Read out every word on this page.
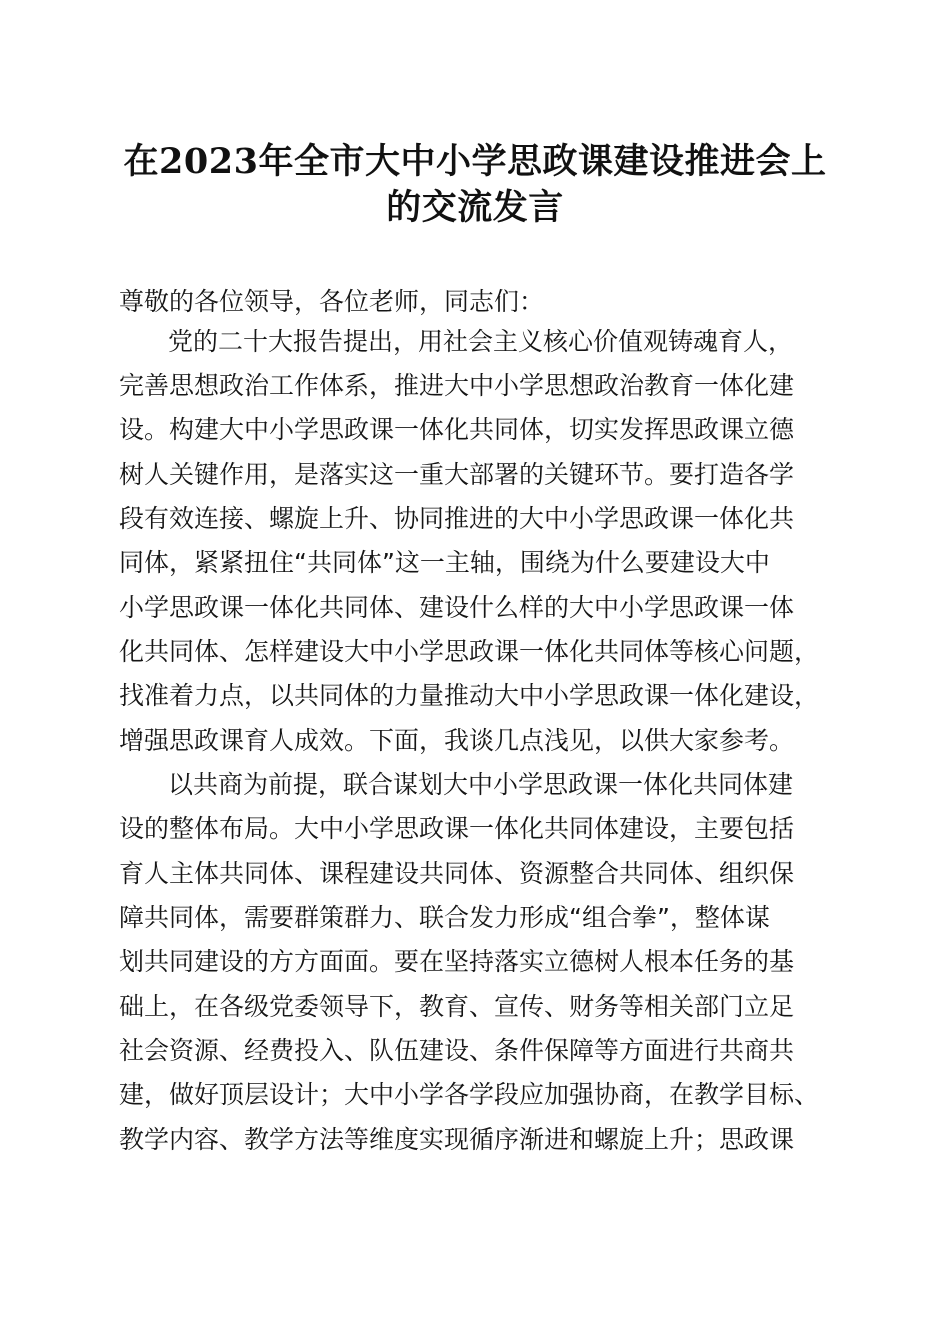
在2023年全市大中小学思政课建设推进会上
的交流发言
尊敬的各位领导，各位老师，同志们：
党的二十大报告提出，用社会主义核心价值观铸魂育人，
完善思想政治工作体系，推进大中小学思想政治教育一体化建
设。构建大中小学思政课一体化共同体，切实发挥思政课立德
树人关键作用，是落实这一重大部署的关键环节。要打造各学
段有效连接、螺旋上升、协同推进的大中小学思政课一体化共
同体，紧紧扭住“共同体”这一主轴，围绕为什么要建设大中
小学思政课一体化共同体、建设什么样的大中小学思政课一体
化共同体、怎样建设大中小学思政课一体化共同体等核心问题，
找准着力点，以共同体的力量推动大中小学思政课一体化建设，
增强思政课育人成效。下面，我谈几点浅见，以供大家参考。
以共商为前提，联合谋划大中小学思政课一体化共同体建
设的整体布局。大中小学思政课一体化共同体建设，主要包括
育人主体共同体、课程建设共同体、资源整合共同体、组织保
障共同体，需要群策群力、联合发力形成“组合拳”，整体谋
划共同建设的方方面面。要在坚持落实立德树人根本任务的基
础上，在各级党委领导下，教育、宣传、财务等相关部门立足
社会资源、经费投入、队伍建设、条件保障等方面进行共商共
建，做好顶层设计；大中小学各学段应加强协商，在教学目标、
教学内容、教学方法等维度实现循序渐进和螺旋上升；思政课
